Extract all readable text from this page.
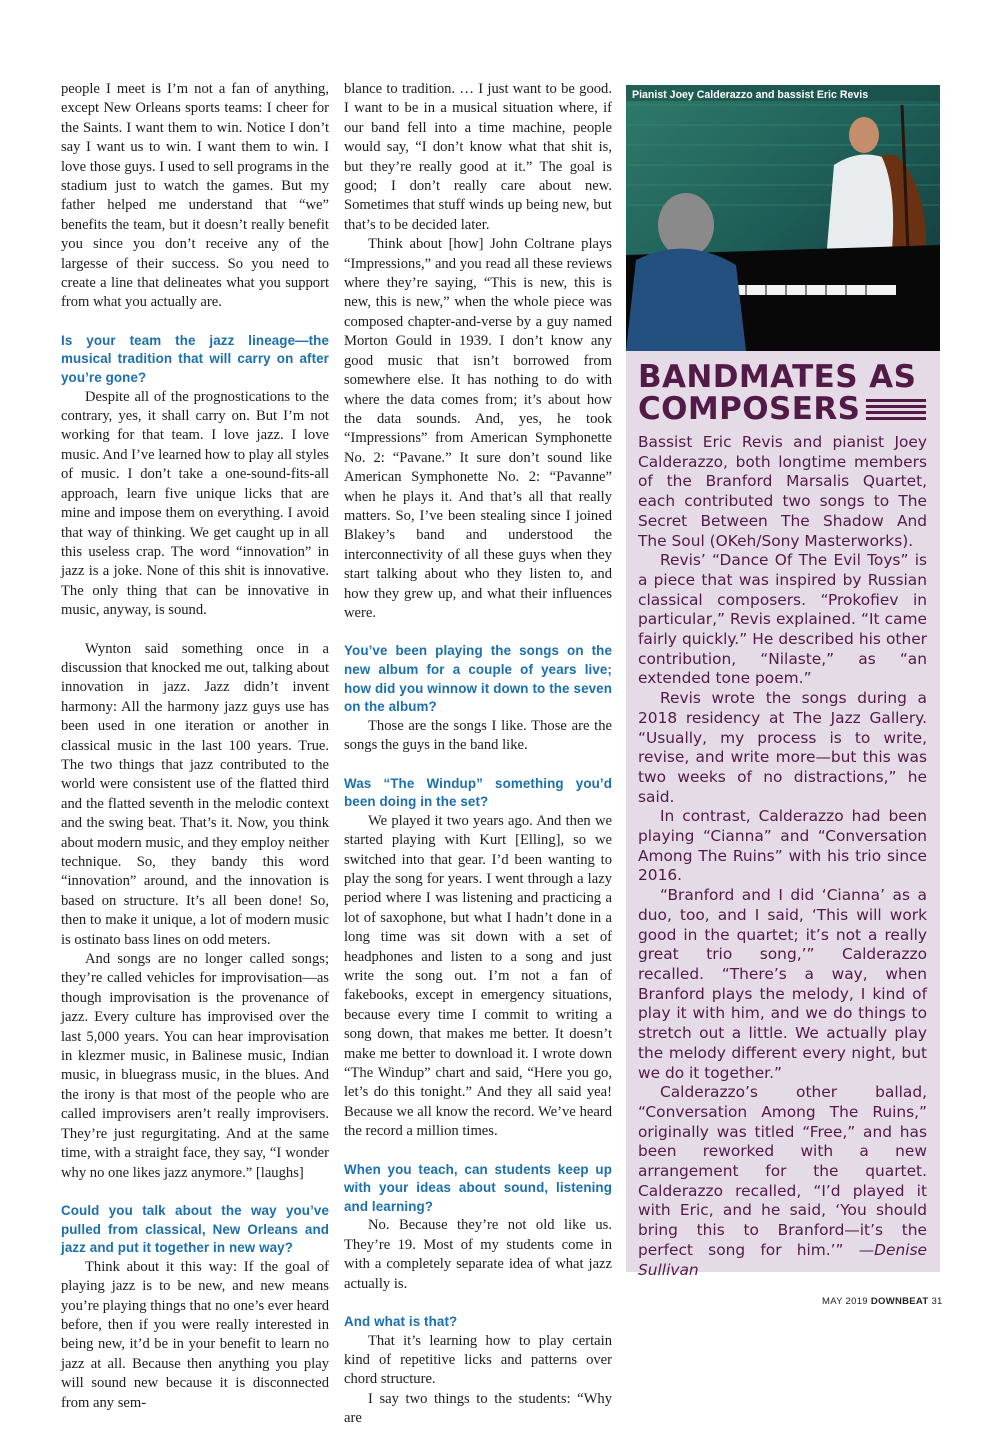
people I meet is I’m not a fan of anything, except New Orleans sports teams: I cheer for the Saints. I want them to win. Notice I don’t say I want us to win. I want them to win. I love those guys. I used to sell programs in the stadium just to watch the games. But my father helped me understand that “we” benefits the team, but it doesn’t really benefit you since you don’t receive any of the largesse of their success. So you need to create a line that delineates what you support from what you actually are.

Is your team the jazz lineage—the musical tradition that will carry on after you’re gone?

Despite all of the prognostications to the contrary, yes, it shall carry on. But I’m not working for that team. I love jazz. I love music. And I’ve learned how to play all styles of music. I don’t take a one-sound-fits-all approach, learn five unique licks that are mine and impose them on everything. I avoid that way of thinking. We get caught up in all this useless crap. The word “innovation” in jazz is a joke. None of this shit is innovative. The only thing that can be innovative in music, anyway, is sound.

Wynton said something once in a discussion that knocked me out, talking about innovation in jazz. Jazz didn’t invent harmony: All the harmony jazz guys use has been used in one iteration or another in classical music in the last 100 years. True. The two things that jazz contributed to the world were consistent use of the flatted third and the flatted seventh in the melodic context and the swing beat. That’s it. Now, you think about modern music, and they employ neither technique. So, they bandy this word “innovation” around, and the innovation is based on structure. It’s all been done! So, then to make it unique, a lot of modern music is ostinato bass lines on odd meters.

And songs are no longer called songs; they’re called vehicles for improvisation—as though improvisation is the provenance of jazz. Every culture has improvised over the last 5,000 years. You can hear improvisation in klezmer music, in Balinese music, Indian music, in bluegrass music, in the blues. And the irony is that most of the people who are called improvisers aren’t really improvisers. They’re just regurgitating. And at the same time, with a straight face, they say, “I wonder why no one likes jazz anymore.” [laughs]

Could you talk about the way you’ve pulled from classical, New Orleans and jazz and put it together in new way?

Think about it this way: If the goal of playing jazz is to be new, and new means you’re playing things that no one’s ever heard before, then if you were really interested in being new, it’d be in your benefit to learn no jazz at all. Because then anything you play will sound new because it is disconnected from any sem-

blance to tradition. … I just want to be good. I want to be in a musical situation where, if our band fell into a time machine, people would say, “I don’t know what that shit is, but they’re really good at it.” The goal is good; I don’t really care about new. Sometimes that stuff winds up being new, but that’s to be decided later.

Think about [how] John Coltrane plays “Impressions,” and you read all these reviews where they’re saying, “This is new, this is new, this is new,” when the whole piece was composed chapter-and-verse by a guy named Morton Gould in 1939. I don’t know any good music that isn’t borrowed from somewhere else. It has nothing to do with where the data comes from; it’s about how the data sounds. And, yes, he took “Impressions” from American Symphonette No. 2: “Pavane.” It sure don’t sound like American Symphonette No. 2: “Pavanne” when he plays it. And that’s all that really matters. So, I’ve been stealing since I joined Blakey’s band and understood the interconnectivity of all these guys when they start talking about who they listen to, and how they grew up, and what their influences were.

You’ve been playing the songs on the new album for a couple of years live; how did you winnow it down to the seven on the album?

Those are the songs I like. Those are the songs the guys in the band like.

Was “The Windup” something you’d been doing in the set?

We played it two years ago. And then we started playing with Kurt [Elling], so we switched into that gear. I’d been wanting to play the song for years. I went through a lazy period where I was listening and practicing a lot of saxophone, but what I hadn’t done in a long time was sit down with a set of headphones and listen to a song and just write the song out. I’m not a fan of fakebooks, except in emergency situations, because every time I commit to writing a song down, that makes me better. It doesn’t make me better to download it. I wrote down “The Windup” chart and said, “Here you go, let’s do this tonight.” And they all said yea! Because we all know the record. We’ve heard the record a million times.

When you teach, can students keep up with your ideas about sound, listening and learning?

No. Because they’re not old like us. They’re 19. Most of my students come in with a completely separate idea of what jazz actually is.

And what is that?

That it’s learning how to play certain kind of repetitive licks and patterns over chord structure.

I say two things to the students: “Why are

Pianist Joey Calderazzo and bassist Eric Revis
BANDMATES AS
COMPOSERS

Bassist Eric Revis and pianist Joey Calderazzo, both longtime members of the Branford Marsalis Quartet, each contributed two songs to The Secret Between The Shadow And The Soul (OKeh/Sony Masterworks).

Revis’ “Dance Of The Evil Toys” is a piece that was inspired by Russian classical composers. “Prokofiev in particular,” Revis explained. “It came fairly quickly.” He described his other contribution, “Nilaste,” as “an extended tone poem.”

Revis wrote the songs during a 2018 residency at The Jazz Gallery. “Usually, my process is to write, revise, and write more—but this was two weeks of no distractions,” he said.

In contrast, Calderazzo had been playing “Cianna” and “Conversation Among The Ruins” with his trio since 2016.

“Branford and I did ‘Cianna’ as a duo, too, and I said, ‘This will work good in the quartet; it’s not a really great trio song,’” Calderazzo recalled. “There’s a way, when Branford plays the melody, I kind of play it with him, and we do things to stretch out a little. We actually play the melody different every night, but we do it together.”

Calderazzo’s other ballad, “Conversation Among The Ruins,” originally was titled “Free,” and has been reworked with a new arrangement for the quartet. Calderazzo recalled, “I’d played it with Eric, and he said, ‘You should bring this to Branford—it’s the perfect song for him.’” —Denise Sullivan

MAY 2019 DOWNBEAT 31
